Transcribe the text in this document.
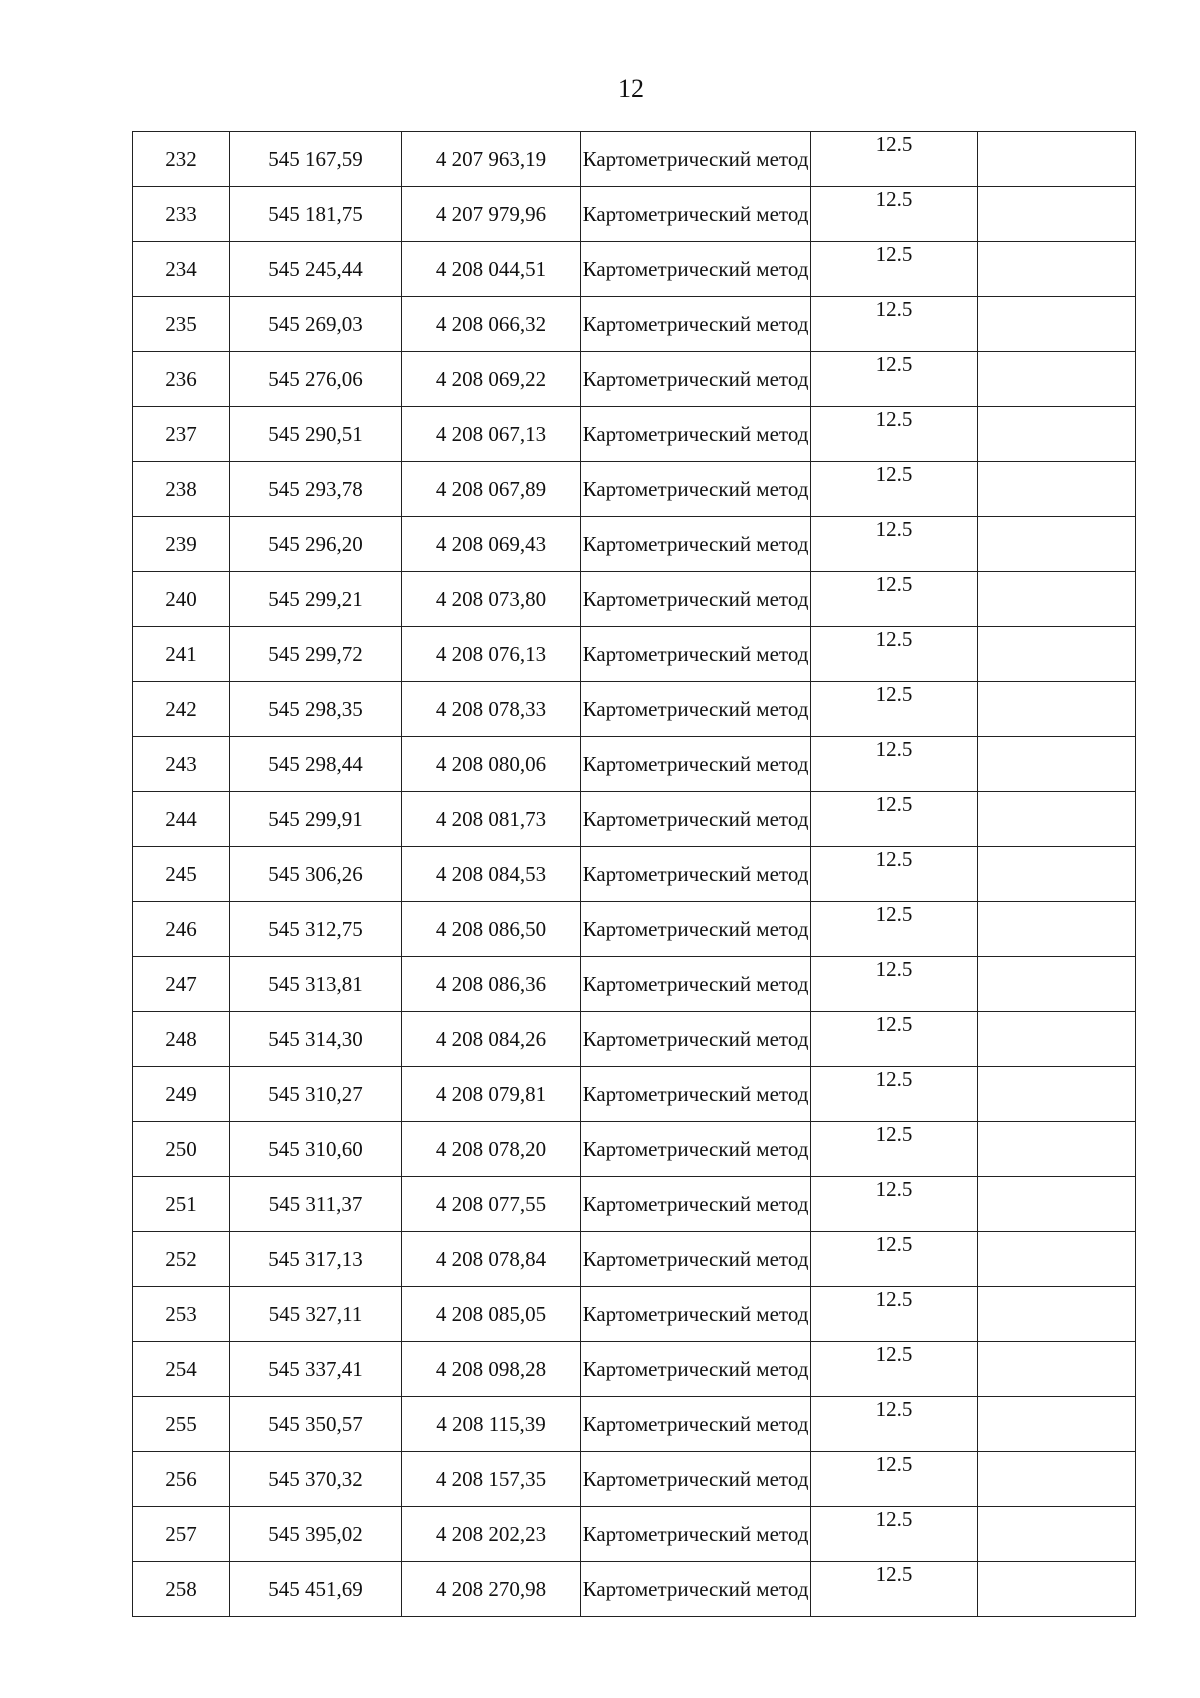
12
232	545 167,59	4 207 963,19	Картометрический метод	12.5	
233	545 181,75	4 207 979,96	Картометрический метод	12.5	
234	545 245,44	4 208 044,51	Картометрический метод	12.5	
235	545 269,03	4 208 066,32	Картометрический метод	12.5	
236	545 276,06	4 208 069,22	Картометрический метод	12.5	
237	545 290,51	4 208 067,13	Картометрический метод	12.5	
238	545 293,78	4 208 067,89	Картометрический метод	12.5	
239	545 296,20	4 208 069,43	Картометрический метод	12.5	
240	545 299,21	4 208 073,80	Картометрический метод	12.5	
241	545 299,72	4 208 076,13	Картометрический метод	12.5	
242	545 298,35	4 208 078,33	Картометрический метод	12.5	
243	545 298,44	4 208 080,06	Картометрический метод	12.5	
244	545 299,91	4 208 081,73	Картометрический метод	12.5	
245	545 306,26	4 208 084,53	Картометрический метод	12.5	
246	545 312,75	4 208 086,50	Картометрический метод	12.5	
247	545 313,81	4 208 086,36	Картометрический метод	12.5	
248	545 314,30	4 208 084,26	Картометрический метод	12.5	
249	545 310,27	4 208 079,81	Картометрический метод	12.5	
250	545 310,60	4 208 078,20	Картометрический метод	12.5	
251	545 311,37	4 208 077,55	Картометрический метод	12.5	
252	545 317,13	4 208 078,84	Картометрический метод	12.5	
253	545 327,11	4 208 085,05	Картометрический метод	12.5	
254	545 337,41	4 208 098,28	Картометрический метод	12.5	
255	545 350,57	4 208 115,39	Картометрический метод	12.5	
256	545 370,32	4 208 157,35	Картометрический метод	12.5	
257	545 395,02	4 208 202,23	Картометрический метод	12.5	
258	545 451,69	4 208 270,98	Картометрический метод	12.5	
